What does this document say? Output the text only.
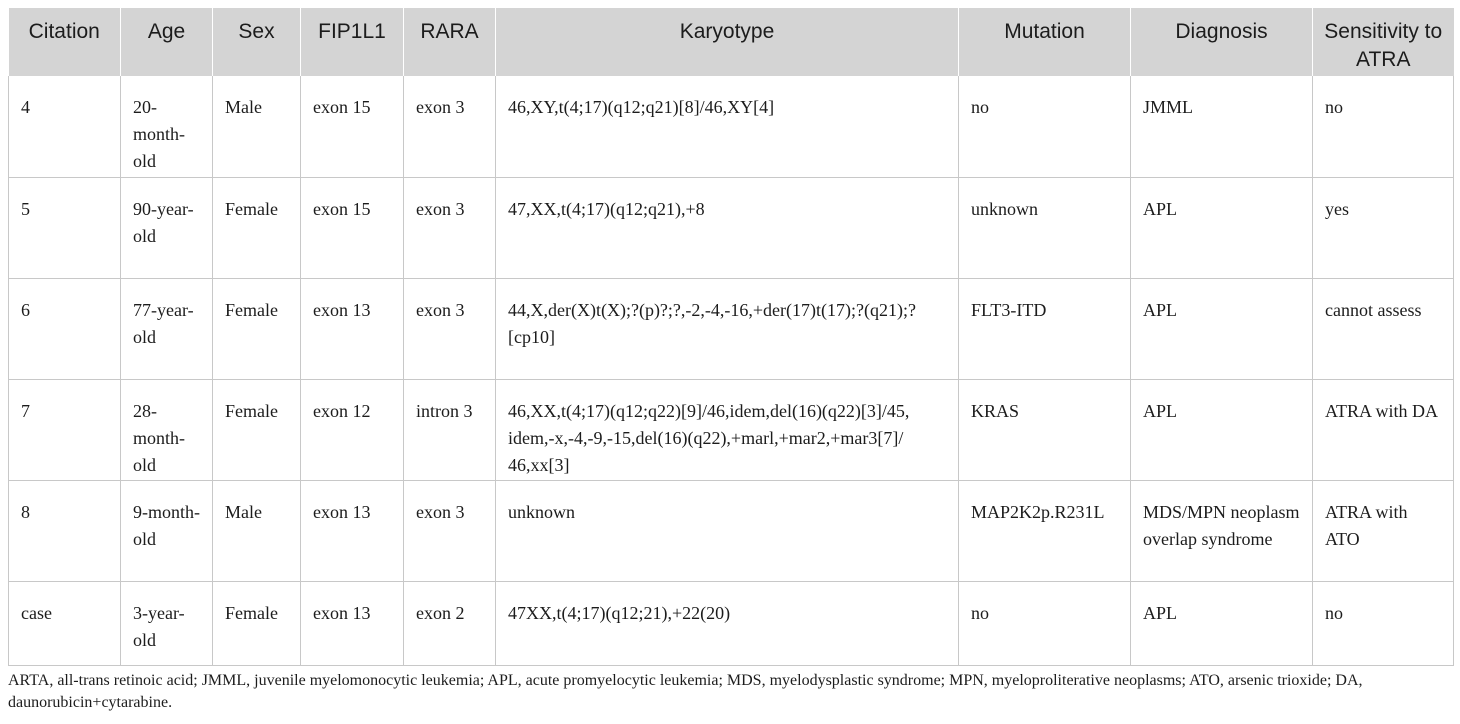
Citation	Age	Sex	FIP1L1	RARA	Karyotype	Mutation	Diagnosis	Sensitivity to ATRA
4	20-month-old	Male	exon 15	exon 3	46,XY,t(4;17)(q12;q21)[8]/46,XY[4]	no	JMML	no
5	90-year-old	Female	exon 15	exon 3	47,XX,t(4;17)(q12;q21),+8	unknown	APL	yes
6	77-year-old	Female	exon 13	exon 3	44,X,der(X)t(X);?(p)?;?,-2,-4,-16,+der(17)t(17);?(q21);?[cp10]	FLT3-ITD	APL	cannot assess
7	28-month-old	Female	exon 12	intron 3	46,XX,t(4;17)(q12;q22)[9]/46,idem,del(16)(q22)[3]/45, idem,-x,-4,-9,-15,del(16)(q22),+marl,+mar2,+mar3[7]/ 46,xx[3]	KRAS	APL	ATRA with DA
8	9-month-old	Male	exon 13	exon 3	unknown	MAP2K2p.R231L	MDS/MPN neoplasm overlap syndrome	ATRA with ATO
case	3-year-old	Female	exon 13	exon 2	47XX,t(4;17)(q12;21),+22(20)	no	APL	no

ARTA, all-trans retinoic acid; JMML, juvenile myelomonocytic leukemia; APL, acute promyelocytic leukemia; MDS, myelodysplastic syndrome; MPN, myeloproliterative neoplasms; ATO, arsenic trioxide; DA, daunorubicin+cytarabine.
